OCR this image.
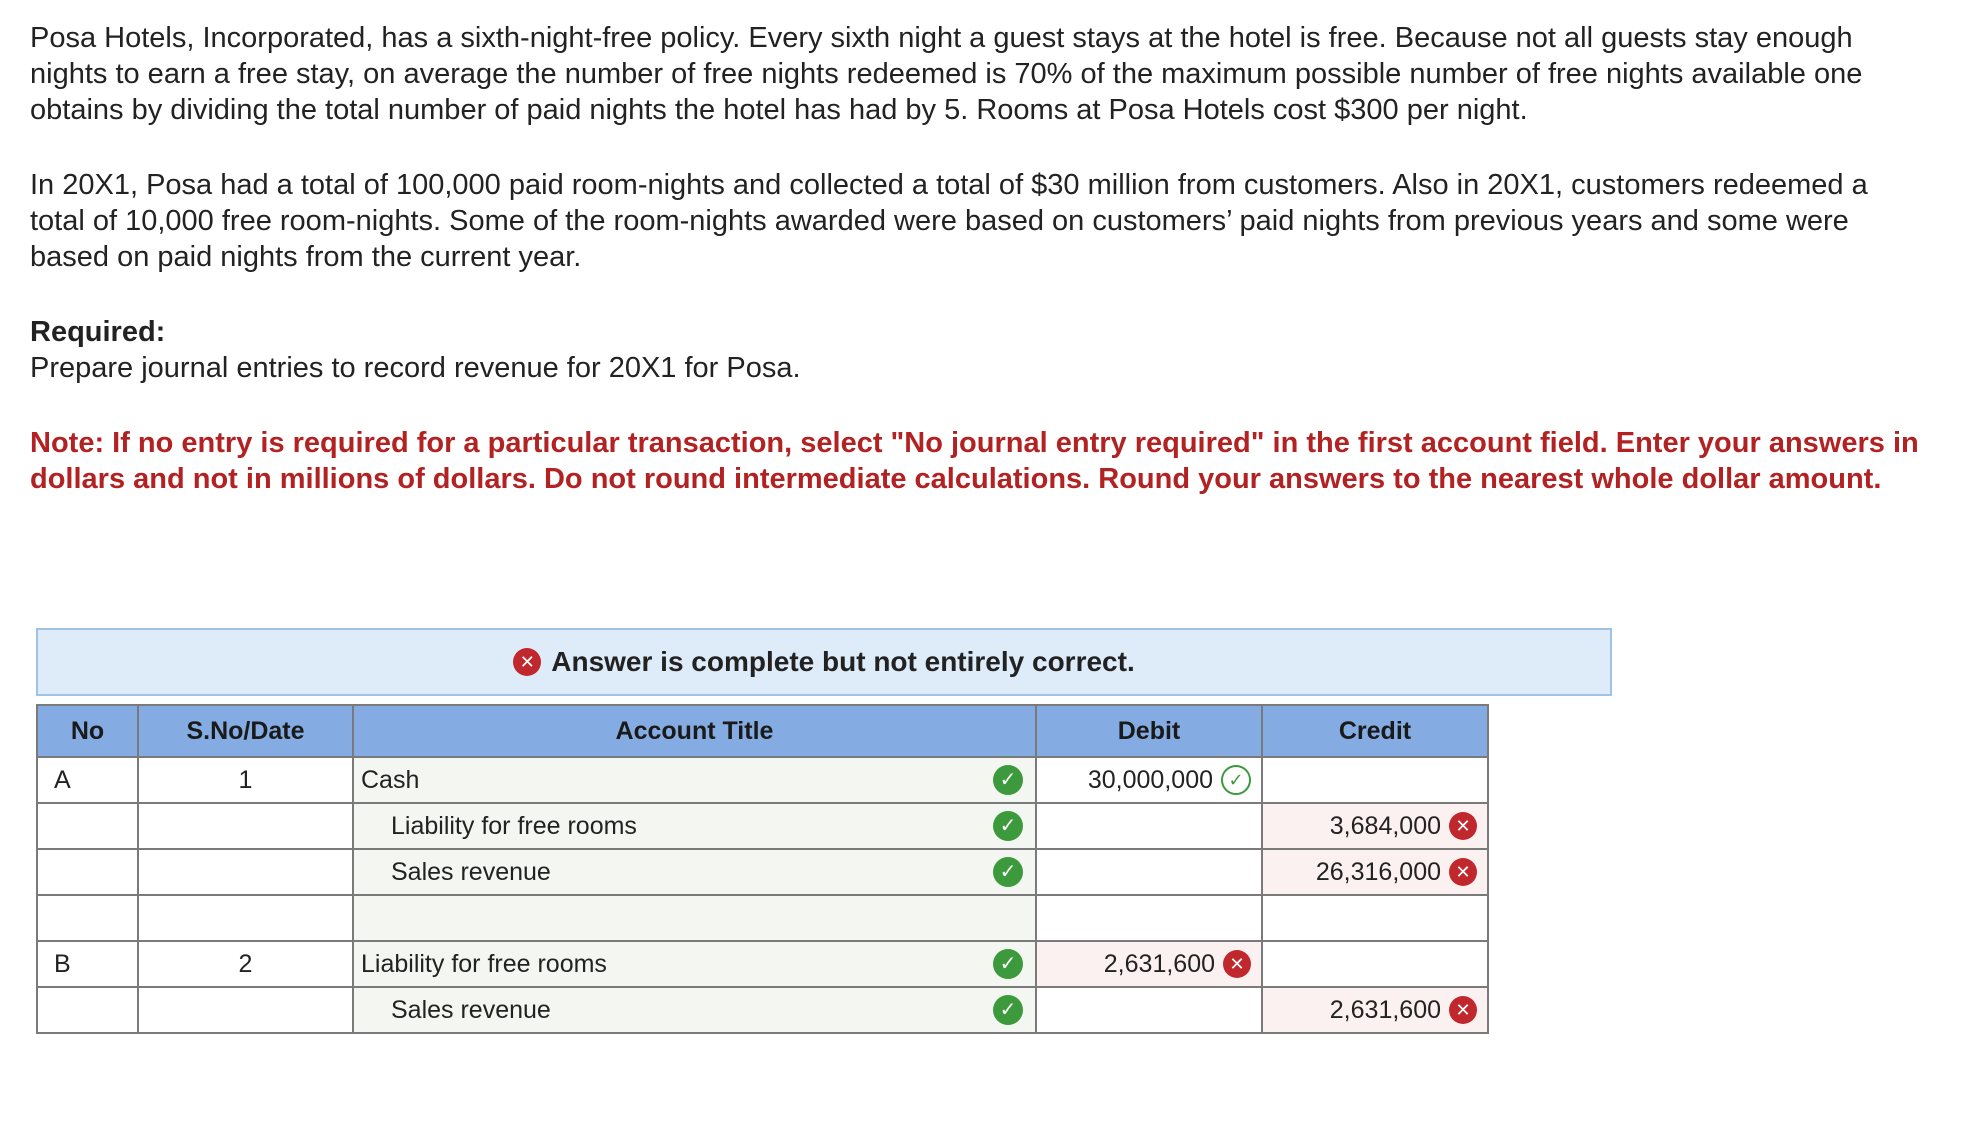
Posa Hotels, Incorporated, has a sixth-night-free policy. Every sixth night a guest stays at the hotel is free. Because not all guests stay enough nights to earn a free stay, on average the number of free nights redeemed is 70% of the maximum possible number of free nights available one obtains by dividing the total number of paid nights the hotel has had by 5. Rooms at Posa Hotels cost $300 per night.

In 20X1, Posa had a total of 100,000 paid room-nights and collected a total of $30 million from customers. Also in 20X1, customers redeemed a total of 10,000 free room-nights. Some of the room-nights awarded were based on customers’ paid nights from previous years and some were based on paid nights from the current year.

Required:

Prepare journal entries to record revenue for 20X1 for Posa.

Note: If no entry is required for a particular transaction, select "No journal entry required" in the first account field. Enter your answers in dollars and not in millions of dollars. Do not round intermediate calculations. Round your answers to the nearest whole dollar amount.

✕ Answer is complete but not entirely correct.
No	S.No/Date	Account Title	Debit	Credit
A	1	Cash ✓	30,000,000 ✓	

		Liability for free rooms ✓		3,684,000 ✕

		Sales revenue ✓		26,316,000 ✕

B	2	Liability for free rooms ✓	2,631,600 ✕	

		Sales revenue ✓		2,631,600 ✕
